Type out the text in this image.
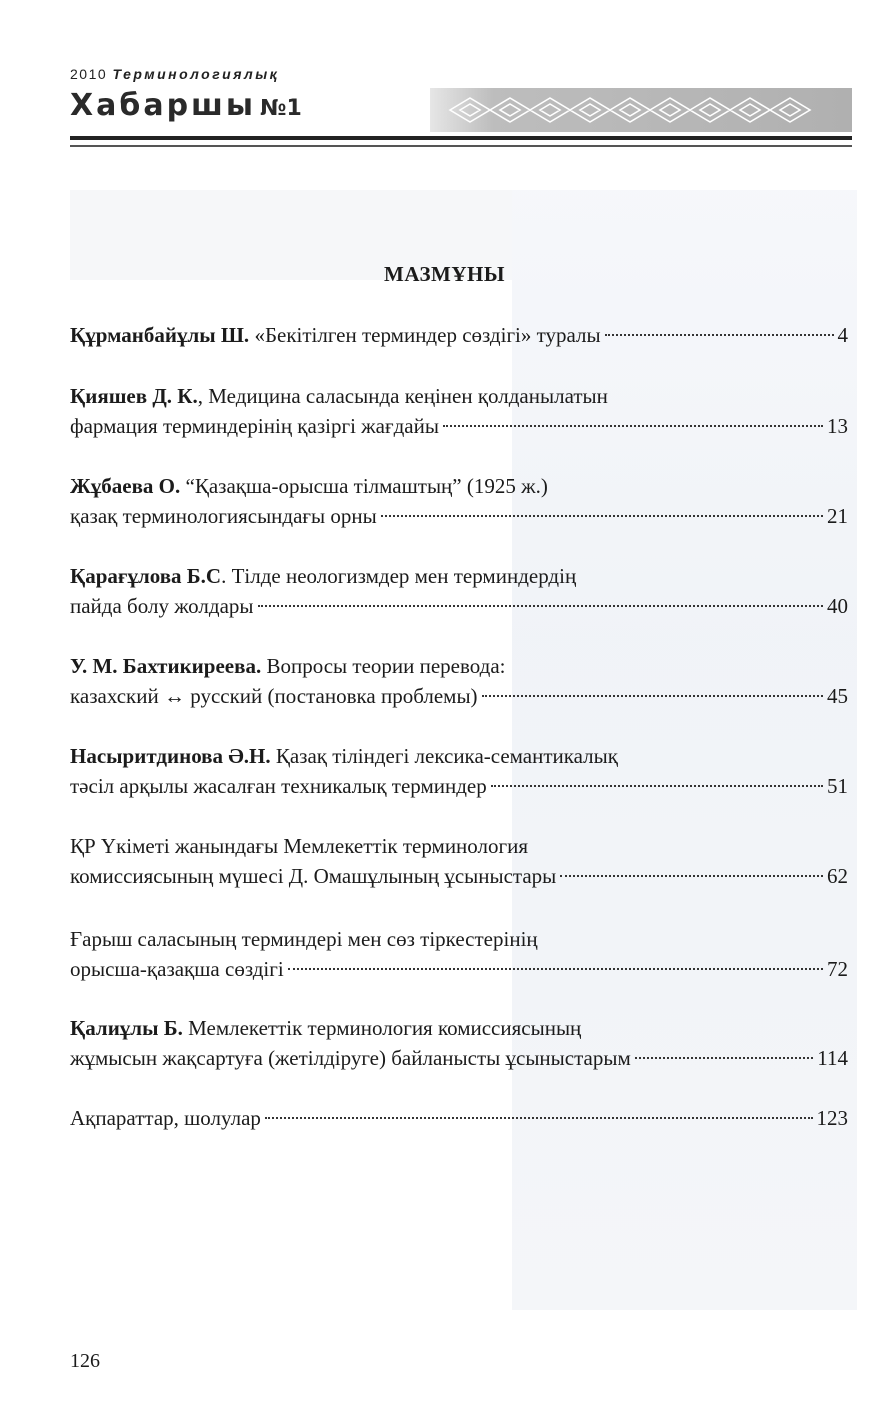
2010 Терминологиялық
Хабаршы №1
МАЗМҰНЫ
Құрманбайұлы Ш. «Бекітілген терминдер сөздігі» туралы	4
Қияшев Д. К., Медицина саласында кеңінен қолданылатын
фармация терминдерінің қазіргі жағдайы	13
Жұбаева О. “Қазақша-орысша тілмаштың” (1925 ж.)
қазақ терминологиясындағы орны	21
Қарағұлова Б.С. Тілде неологизмдер мен терминдердің
пайда болу жолдары	40
У. М. Бахтикиреева. Вопросы теории перевода:
казахский ↔ русский (постановка проблемы)	45
Насыритдинова Ә.Н. Қазақ тіліндегі лексика-семантикалық
тәсіл арқылы жасалған техникалық терминдер	51
ҚР Үкіметі жанындағы Мемлекеттік терминология
комиссиясының мүшесі Д. Омашұлының ұсыныстары	62
Ғарыш саласының терминдері мен сөз тіркестерінің
орысша-қазақша сөздігі	72
Қалиұлы Б. Мемлекеттік терминология комиссиясының
жұмысын жақсартуға (жетілдіруге) байланысты ұсыныстарым	114
Ақпараттар, шолулар	123
126
